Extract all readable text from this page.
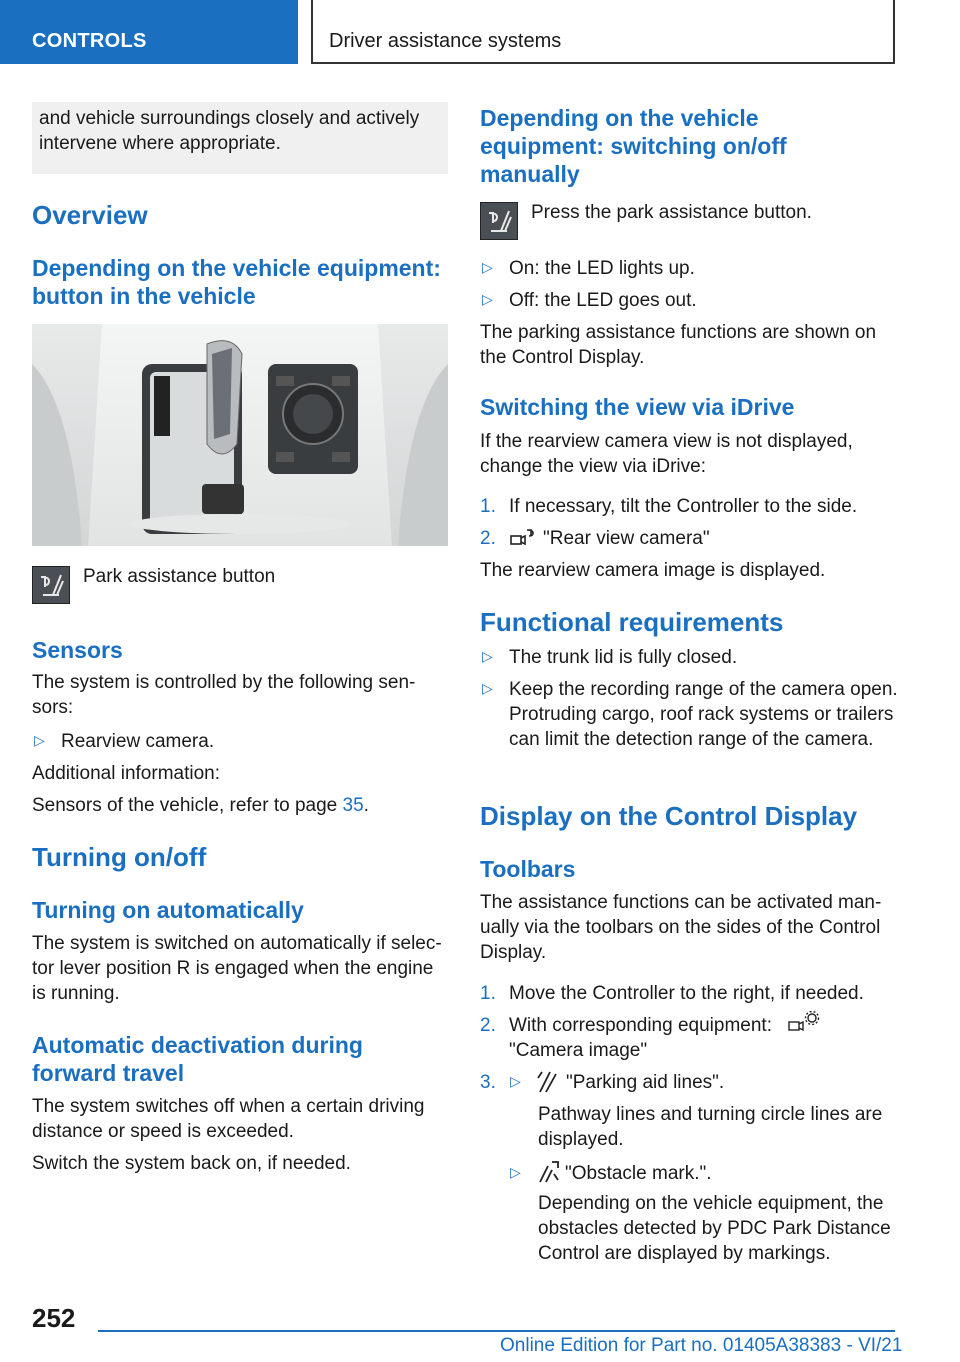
CONTROLS	Driver assistance systems
and vehicle surroundings closely and actively intervene where appropriate.
Overview
Depending on the vehicle equipment: button in the vehicle
Park assistance button
Sensors
The system is controlled by the following sen-sors:
▷ Rearview camera.
Additional information:
Sensors of the vehicle, refer to page 35.
Turning on/off
Turning on automatically
The system is switched on automatically if selec-tor lever position R is engaged when the engine is running.
Automatic deactivation during forward travel
The system switches off when a certain driving distance or speed is exceeded.
Switch the system back on, if needed.
Depending on the vehicle equipment: switching on/off manually
Press the park assistance button.
▷ On: the LED lights up.
▷ Off: the LED goes out.
The parking assistance functions are shown on the Control Display.
Switching the view via iDrive
If the rearview camera view is not displayed, change the view via iDrive:
1. If necessary, tilt the Controller to the side.
2. "Rear view camera"
The rearview camera image is displayed.
Functional requirements
▷ The trunk lid is fully closed.
▷ Keep the recording range of the camera open. Protruding cargo, roof rack systems or trailers can limit the detection range of the camera.
Display on the Control Display
Toolbars
The assistance functions can be activated man-ually via the toolbars on the sides of the Control Display.
1. Move the Controller to the right, if needed.
2. With corresponding equipment:
"Camera image"
3. ▷ "Parking aid lines".
Pathway lines and turning circle lines are displayed.
▷ "Obstacle mark.".
Depending on the vehicle equipment, the obstacles detected by PDC Park Distance Control are displayed by markings.
252
Online Edition for Part no. 01405A38383 - VI/21
